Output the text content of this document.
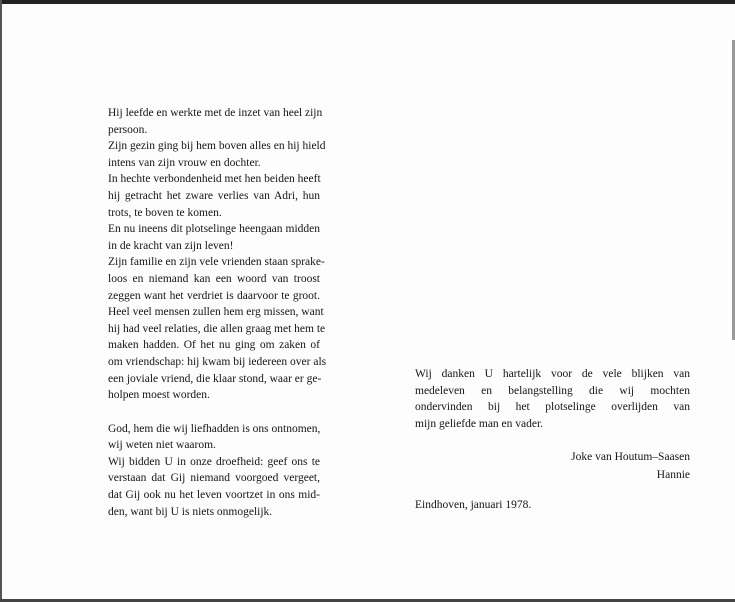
Hij leefde en werkte met de inzet van heel zijn
persoon.
Zijn gezin ging bij hem boven alles en hij hield
intens van zijn vrouw en dochter.
In hechte verbondenheid met hen beiden heeft
hij getracht het zware verlies van Adri, hun
trots, te boven te komen.
En nu ineens dit plotselinge heengaan midden
in de kracht van zijn leven!
Zijn familie en zijn vele vrienden staan sprake-
loos en niemand kan een woord van troost
zeggen want het verdriet is daarvoor te groot.
Heel veel mensen zullen hem erg missen, want
hij had veel relaties, die allen graag met hem te
maken hadden. Of het nu ging om zaken of
om vriendschap: hij kwam bij iedereen over als
een joviale vriend, die klaar stond, waar er ge-
holpen moest worden.

God, hem die wij liefhadden is ons ontnomen,
wij weten niet waarom.
Wij bidden U in onze droefheid: geef ons te
verstaan dat Gij niemand voorgoed vergeet,
dat Gij ook nu het leven voortzet in ons mid-
den, want bij U is niets onmogelijk.

Wij danken U hartelijk voor de vele blijken van
medeleven en belangstelling die wij mochten
ondervinden bij het plotselinge overlijden van
mijn geliefde man en vader.

Joke van Houtum–Saasen
Hannie
Eindhoven, januari 1978.
